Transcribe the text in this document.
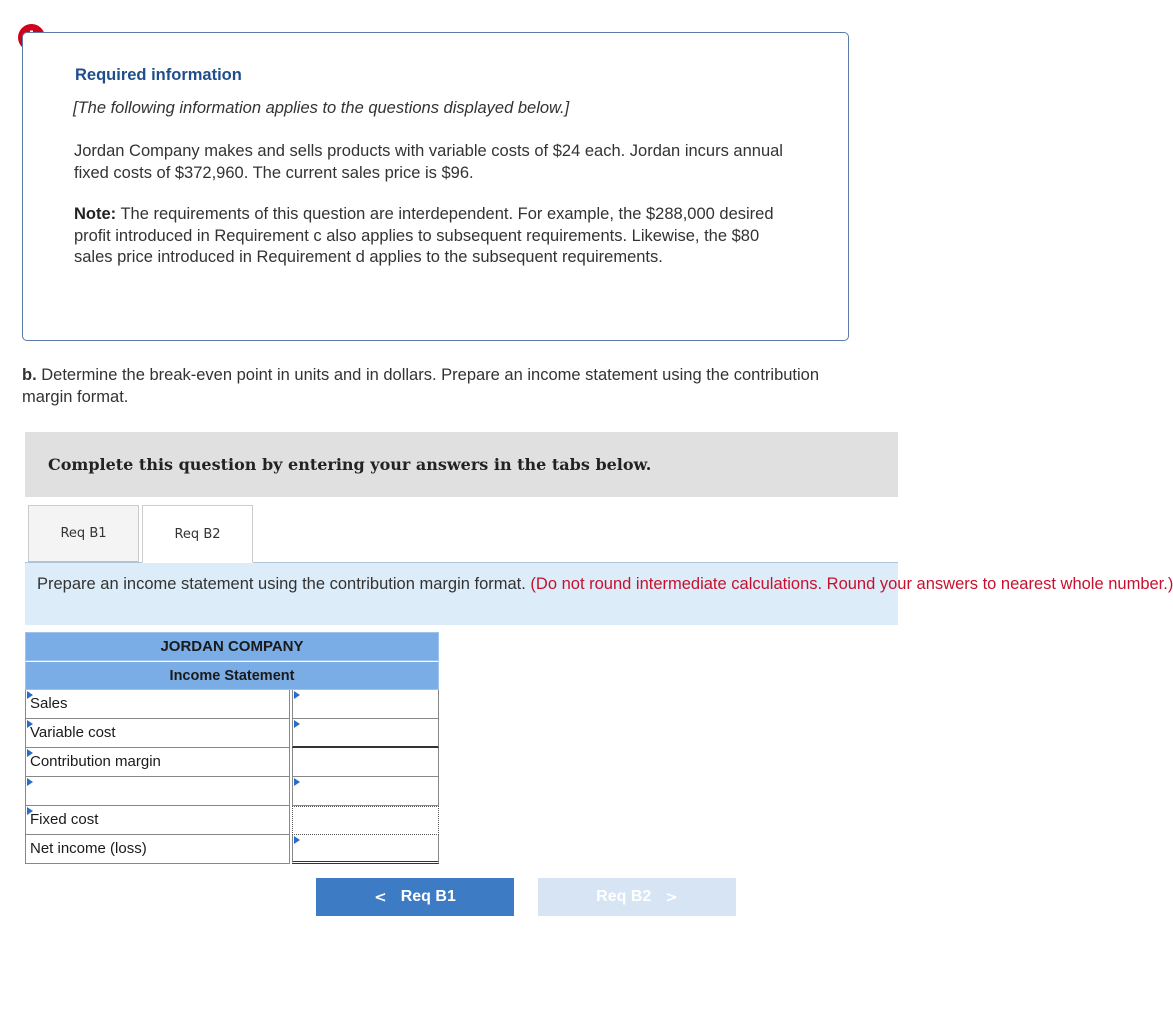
Required information
[The following information applies to the questions displayed below.]
Jordan Company makes and sells products with variable costs of $24 each. Jordan incurs annual fixed costs of $372,960. The current sales price is $96.
Note: The requirements of this question are interdependent. For example, the $288,000 desired profit introduced in Requirement c also applies to subsequent requirements. Likewise, the $80 sales price introduced in Requirement d applies to the subsequent requirements.
b. Determine the break-even point in units and in dollars. Prepare an income statement using the contribution margin format.
Complete this question by entering your answers in the tabs below.
Req B1	Req B2
Prepare an income statement using the contribution margin format. (Do not round intermediate calculations. Round your answers to nearest whole number.)
JORDAN COMPANY
Income Statement
Sales
Variable cost
Contribution margin
Fixed cost
Net income (loss)
< Req B1	Req B2 >
